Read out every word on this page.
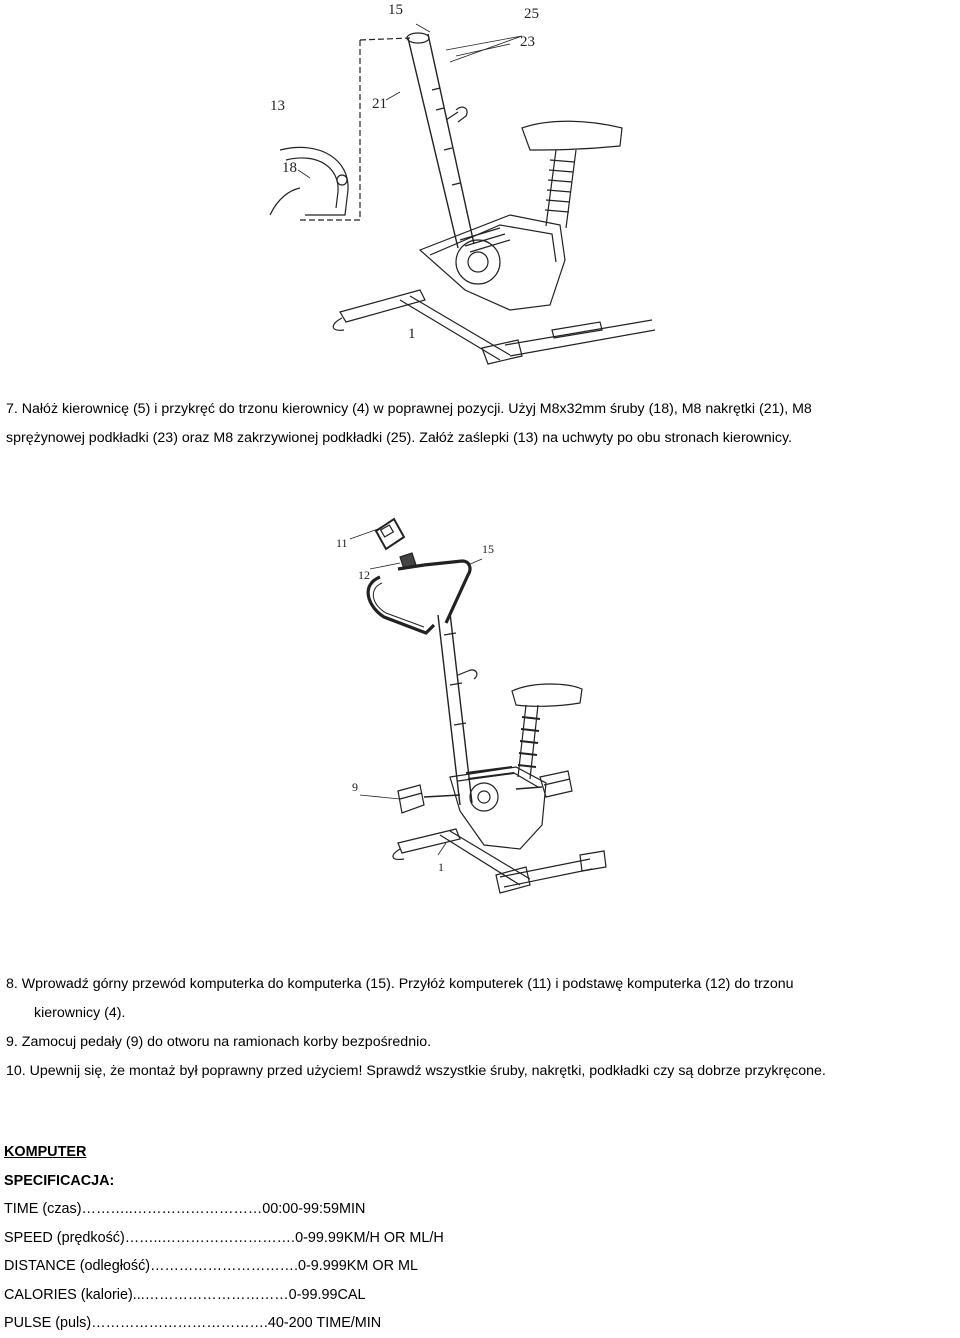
15	25
23
13	21
18
1
7. Nałóż kierownicę (5) i przykręć do trzonu kierownicy (4) w poprawnej pozycji. Użyj M8x32mm śruby (18), M8 nakrętki (21), M8
sprężynowej podkładki (23) oraz M8 zakrzywionej podkładki (25). Załóż zaślepki (13) na uchwyty po obu stronach kierownicy.
11	15
12
9
1
8. Wprowadź górny przewód komputerka do komputerka (15). Przyłóż komputerek (11) i podstawę komputerka (12) do trzonu
kierownicy (4).
9. Zamocuj pedały (9) do otworu na ramionach korby bezpośrednio.
10. Upewnij się, że montaż był poprawny przed użyciem! Sprawdź wszystkie śruby, nakrętki, podkładki czy są dobrze przykręcone.
KOMPUTER
SPECIFICACJA:
TIME (czas)………..………………………00:00-99:59MIN
SPEED (prędkość)……..……………………….0-99.99KM/H OR ML/H
DISTANCE (odległość)………………………….0-9.999KM OR ML
CALORIES (kalorie)...…………………………0-99.99CAL
PULSE (puls)……………………………….40-200 TIME/MIN
